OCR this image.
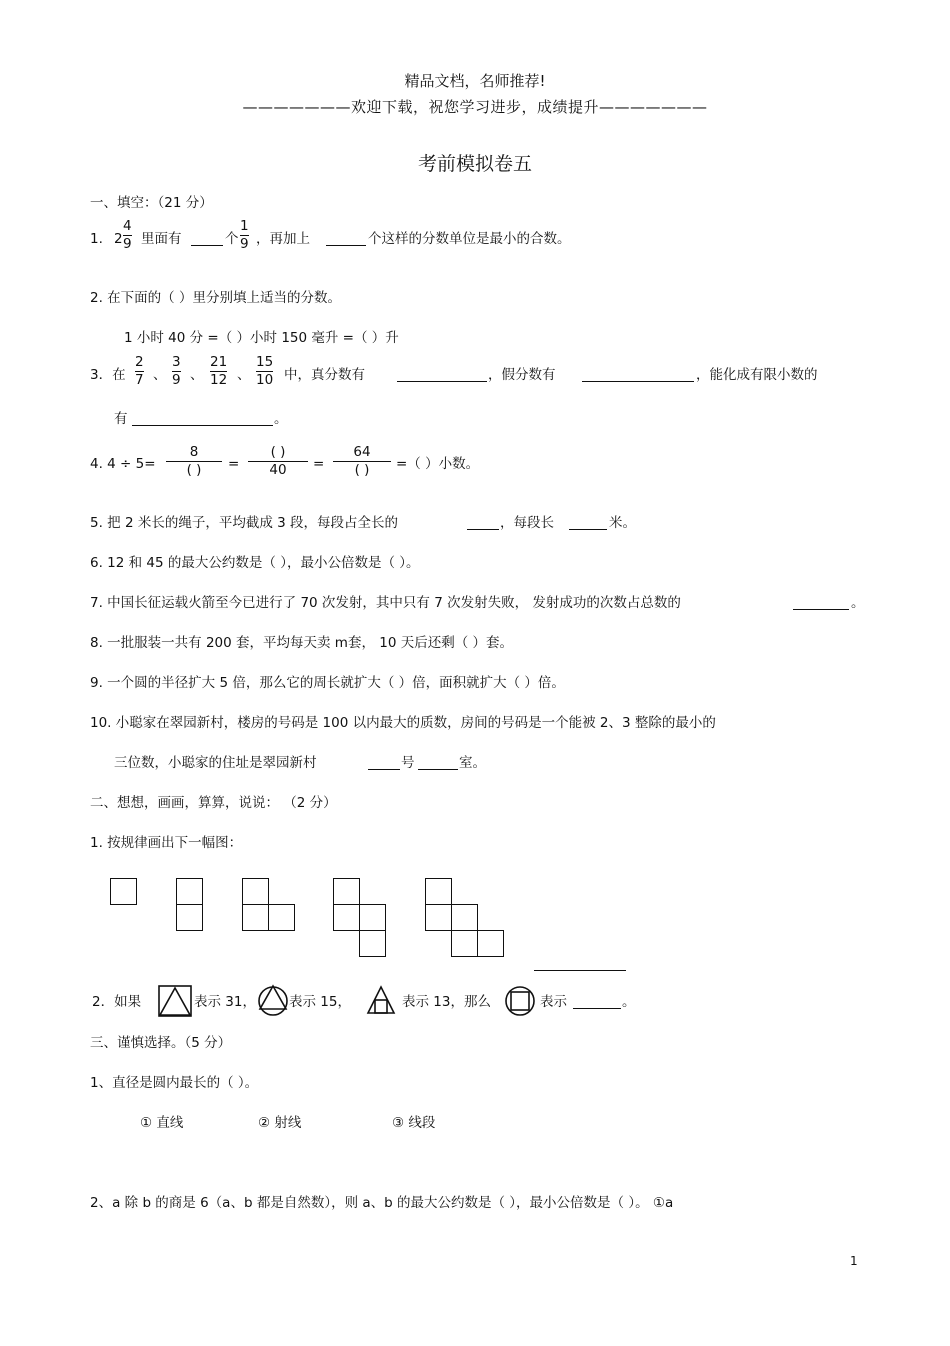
精品文档，名师推荐!
———————欢迎下载，祝您学习进步，成绩提升———————
考前模拟卷五
一、填空：（21 分）
1. 2
4
9 里面有	个
1
9 ，再加上	个这样的分数单位是最小的合数。
2. 在下面的（ ）里分别填上适当的分数。
1 小时 40 分 =（ ）小时 150 毫升 =（ ）升
3．在
2
7 、
3
9 、
21
12 、
15
10 中，真分数有	，假分数有	，能化成有限小数的
有	。
4. 4 ÷ 5=
8
( ) =
( )
40 =
64
( ) =（ ）小数。
5. 把 2 米长的绳子，平均截成 3 段，每段占全长的	，每段长	米。
6. 12 和 45 的最大公约数是（ ），最小公倍数是（ ）。
7. 中国长征运载火箭至今已进行了 70 次发射，其中只有 7 次发射失败， 发射成功的次数占总数的	。
8. 一批服装一共有 200 套，平均每天卖 m套， 10 天后还剩（ ）套。
9. 一个圆的半径扩大 5 倍，那么它的周长就扩大（ ）倍，面积就扩大（ ）倍。
10. 小聪家在翠园新村，楼房的号码是 100 以内最大的质数，房间的号码是一个能被 2、3 整除的最小的
三位数，小聪家的住址是翠园新村	号	室。
二、想想，画画，算算，说说： （2 分）
1. 按规律画出下一幅图：
2．如果	表示 31， 表示 15，	表示 13，那么	表示	。
三、谨慎选择。（5 分）
1、直径是圆内最长的（ ）。
① 直线	② 射线	③ 线段
2、a 除 b 的商是 6（a、b 都是自然数），则 a、b 的最大公约数是（ ），最小公倍数是（ ）。 ①a
1
